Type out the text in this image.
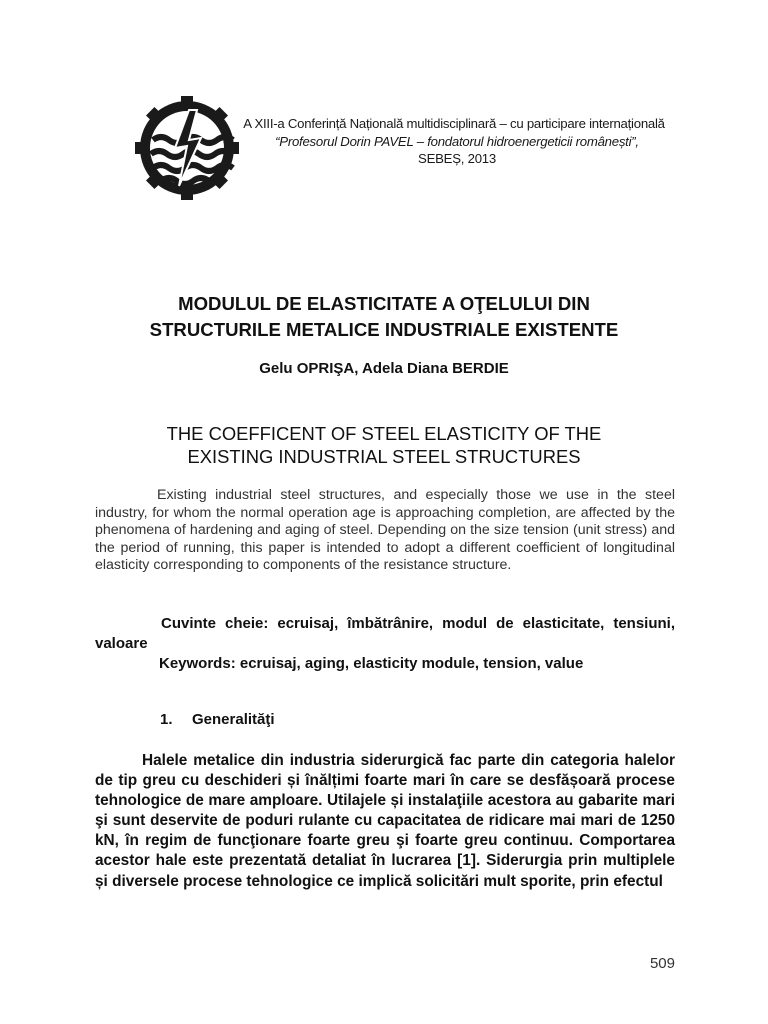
A XIII-a Conferință Națională multidisciplinară – cu participare internațională
“Profesorul Dorin PAVEL – fondatorul hidroenergeticii românești”,
SEBEȘ, 2013
MODULUL DE ELASTICITATE A OŢELULUI DIN
STRUCTURILE METALICE INDUSTRIALE EXISTENTE
Gelu OPRIŞA, Adela Diana BERDIE
THE COEFFICENT OF STEEL ELASTICITY OF THE
EXISTING INDUSTRIAL STEEL STRUCTURES
Existing industrial steel structures, and especially those we use in the steel industry, for whom the normal operation age is approaching completion, are affected by the phenomena of hardening and aging of steel. Depending on the size tension (unit stress) and the period of running, this paper is intended to adopt a different coefficient of longitudinal elasticity corresponding to components of the resistance structure.

Cuvinte cheie: ecruisaj, îmbătrânire, modul de elasticitate, tensiuni, valoare

Keywords: ecruisaj, aging, elasticity module, tension, value

1. Generalităţi
Halele metalice din industria siderurgică fac parte din categoria halelor de tip greu cu deschideri și înălțimi foarte mari în care se desfășoară procese tehnologice de mare amploare. Utilajele și instalaţiile acestora au gabarite mari şi sunt deservite de poduri rulante cu capacitatea de ridicare mai mari de 1250 kN, în regim de funcţionare foarte greu şi foarte greu continuu. Comportarea acestor hale este prezentată detaliat în lucrarea [1]. Siderurgia prin multiplele și diversele procese tehnologice ce implică solicitări mult sporite, prin efectul
509
